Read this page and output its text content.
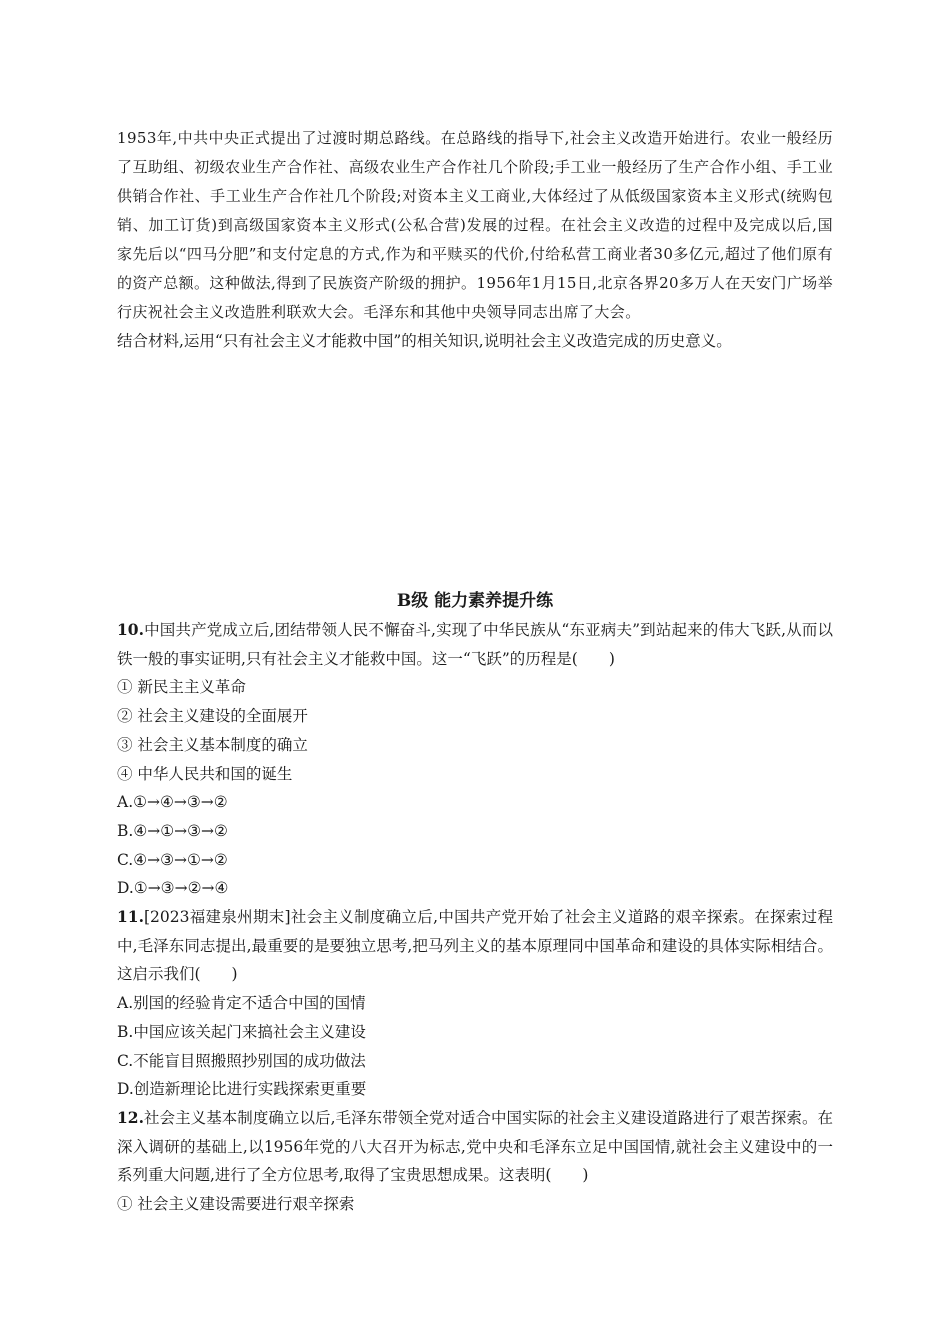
1953年,中共中央正式提出了过渡时期总路线。在总路线的指导下,社会主义改造开始进行。农业一般经历了互助组、初级农业生产合作社、高级农业生产合作社几个阶段;手工业一般经历了生产合作小组、手工业供销合作社、手工业生产合作社几个阶段;对资本主义工商业,大体经过了从低级国家资本主义形式(统购包销、加工订货)到高级国家资本主义形式(公私合营)发展的过程。在社会主义改造的过程中及完成以后,国家先后以“四马分肥”和支付定息的方式,作为和平赎买的代价,付给私营工商业者30多亿元,超过了他们原有的资产总额。这种做法,得到了民族资产阶级的拥护。1956年1月15日,北京各界20多万人在天安门广场举行庆祝社会主义改造胜利联欢大会。毛泽东和其他中央领导同志出席了大会。

结合材料,运用“只有社会主义才能救中国”的相关知识,说明社会主义改造完成的历史意义。

B级 能力素养提升练

10.中国共产党成立后,团结带领人民不懈奋斗,实现了中华民族从“东亚病夫”到站起来的伟大飞跃,从而以铁一般的事实证明,只有社会主义才能救中国。这一“飞跃”的历程是(　　)

① 新民主主义革命

② 社会主义建设的全面展开

③ 社会主义基本制度的确立

④ 中华人民共和国的诞生

A.①→④→③→②

B.④→①→③→②

C.④→③→①→②

D.①→③→②→④

11.[2023福建泉州期末]社会主义制度确立后,中国共产党开始了社会主义道路的艰辛探索。在探索过程中,毛泽东同志提出,最重要的是要独立思考,把马列主义的基本原理同中国革命和建设的具体实际相结合。这启示我们(　　)

A.别国的经验肯定不适合中国的国情

B.中国应该关起门来搞社会主义建设

C.不能盲目照搬照抄别国的成功做法

D.创造新理论比进行实践探索更重要

12.社会主义基本制度确立以后,毛泽东带领全党对适合中国实际的社会主义建设道路进行了艰苦探索。在深入调研的基础上,以1956年党的八大召开为标志,党中央和毛泽东立足中国国情,就社会主义建设中的一系列重大问题,进行了全方位思考,取得了宝贵思想成果。这表明(　　)

① 社会主义建设需要进行艰辛探索
